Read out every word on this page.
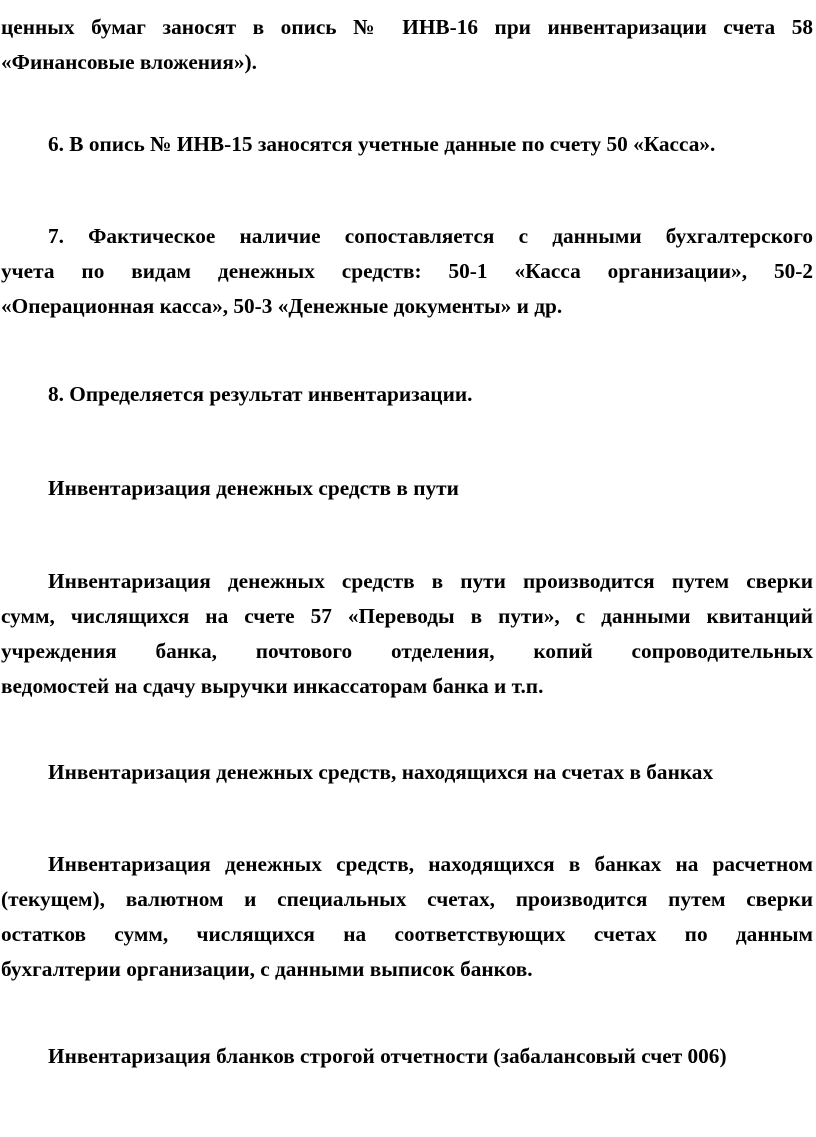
ценных бумаг заносят в опись № ИНВ-16 при инвентаризации счета 58
«Финансовые вложения»).

6. В опись № ИНВ-15 заносятся учетные данные по счету 50 «Касса».

7. Фактическое наличие сопоставляется с данными бухгалтерского
учета по видам денежных средств: 50-1 «Касса организации», 50-2
«Операционная касса», 50-3 «Денежные документы» и др.

8. Определяется результат инвентаризации.

Инвентаризация денежных средств в пути

Инвентаризация денежных средств в пути производится путем сверки
сумм, числящихся на счете 57 «Переводы в пути», с данными квитанций
учреждения банка, почтового отделения, копий сопроводительных
ведомостей на сдачу выручки инкассаторам банка и т.п.

Инвентаризация денежных средств, находящихся на счетах в банках

Инвентаризация денежных средств, находящихся в банках на расчетном
(текущем), валютном и специальных счетах, производится путем сверки
остатков сумм, числящихся на соответствующих счетах по данным
бухгалтерии организации, с данными выписок банков.

Инвентаризация бланков строгой отчетности (забалансовый счет 006)
